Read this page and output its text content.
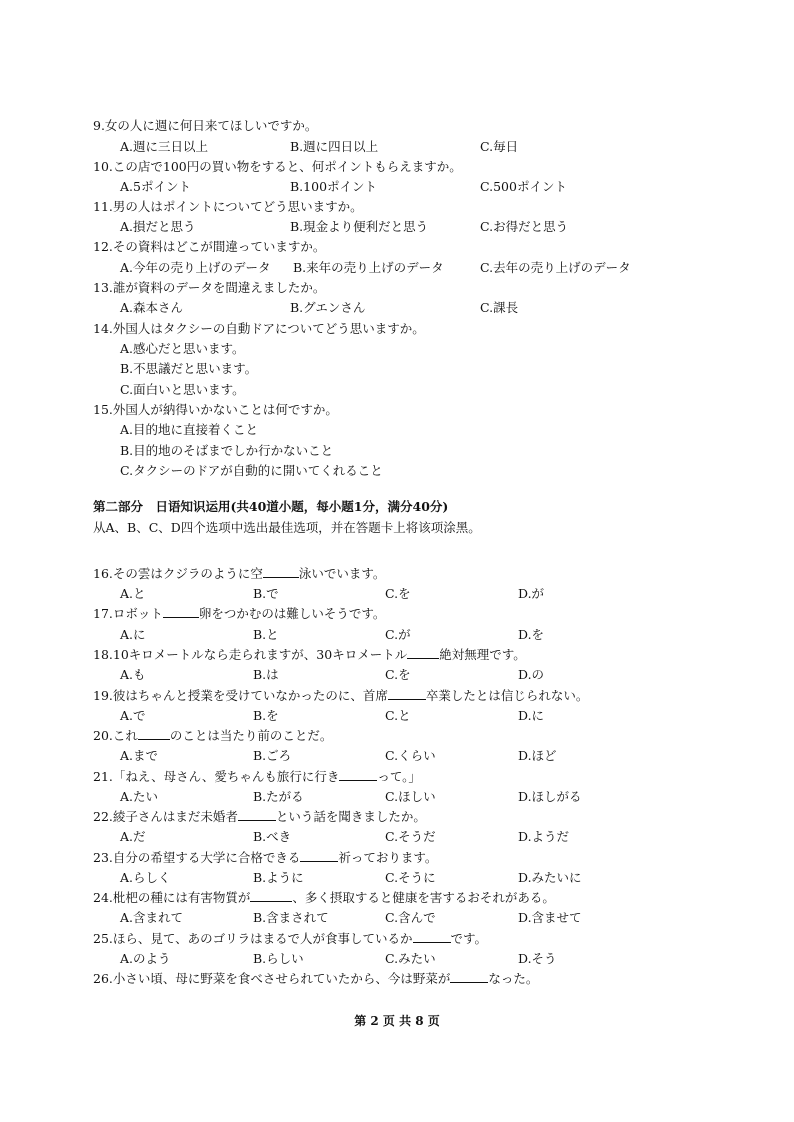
9.女の人に週に何日来てほしいですか。
A.週に三日以上	B.週に四日以上	C.毎日
10.この店で100円の買い物をすると、何ポイントもらえますか。
A.5ポイント	B.100ポイント	C.500ポイント
11.男の人はポイントについてどう思いますか。
A.損だと思う	B.現金より便利だと思う	C.お得だと思う
12.その資料はどこが間違っていますか。
A.今年の売り上げのデータ B.来年の売り上げのデータ	C.去年の売り上げのデータ
13.誰が資料のデータを間違えましたか。
A.森本さん	B.グエンさん	C.課長
14.外国人はタクシーの自動ドアについてどう思いますか。
A.感心だと思います。
B.不思議だと思います。
C.面白いと思います。
15.外国人が納得いかないことは何ですか。
A.目的地に直接着くこと
B.目的地のそばまでしか行かないこと
C.タクシーのドアが自動的に開いてくれること
第二部分　日语知识运用(共40道小题，每小题1分，满分40分)
从A、B、C、D四个选项中选出最佳选项，并在答题卡上将该项涂黑。
16.その雲はクジラのように空	泳いでいます。
A.と	B.で	C.を	D.が
17.ロボット	卵をつかむのは難しいそうです。
A.に	B.と	C.が	D.を
18.10キロメートルなら走られますが、30キロメートル	絶対無理です。
A.も	B.は	C.を	D.の
19.彼はちゃんと授業を受けていなかったのに、首席	卒業したとは信じられない。
A.で	B.を	C.と	D.に
20.これ	のことは当たり前のことだ。
A.まで	B.ごろ	C.くらい	D.ほど
21.「ねえ、母さん、愛ちゃんも旅行に行き	って。」
A.たい	B.たがる	C.ほしい	D.ほしがる
22.綾子さんはまだ未婚者	という話を聞きましたか。
A.だ	B.べき	C.そうだ	D.ようだ
23.自分の希望する大学に合格できる	祈っております。
A.らしく	B.ように	C.そうに	D.みたいに
24.枇杷の種には有害物質が	、多く摂取すると健康を害するおそれがある。
A.含まれて	B.含まされて	C.含んで	D.含ませて
25.ほら、見て、あのゴリラはまるで人が食事しているか	です。
A.のよう	B.らしい	C.みたい	D.そう
26.小さい頃、母に野菜を食べさせられていたから、今は野菜が	なった。
第 2 页 共 8 页
